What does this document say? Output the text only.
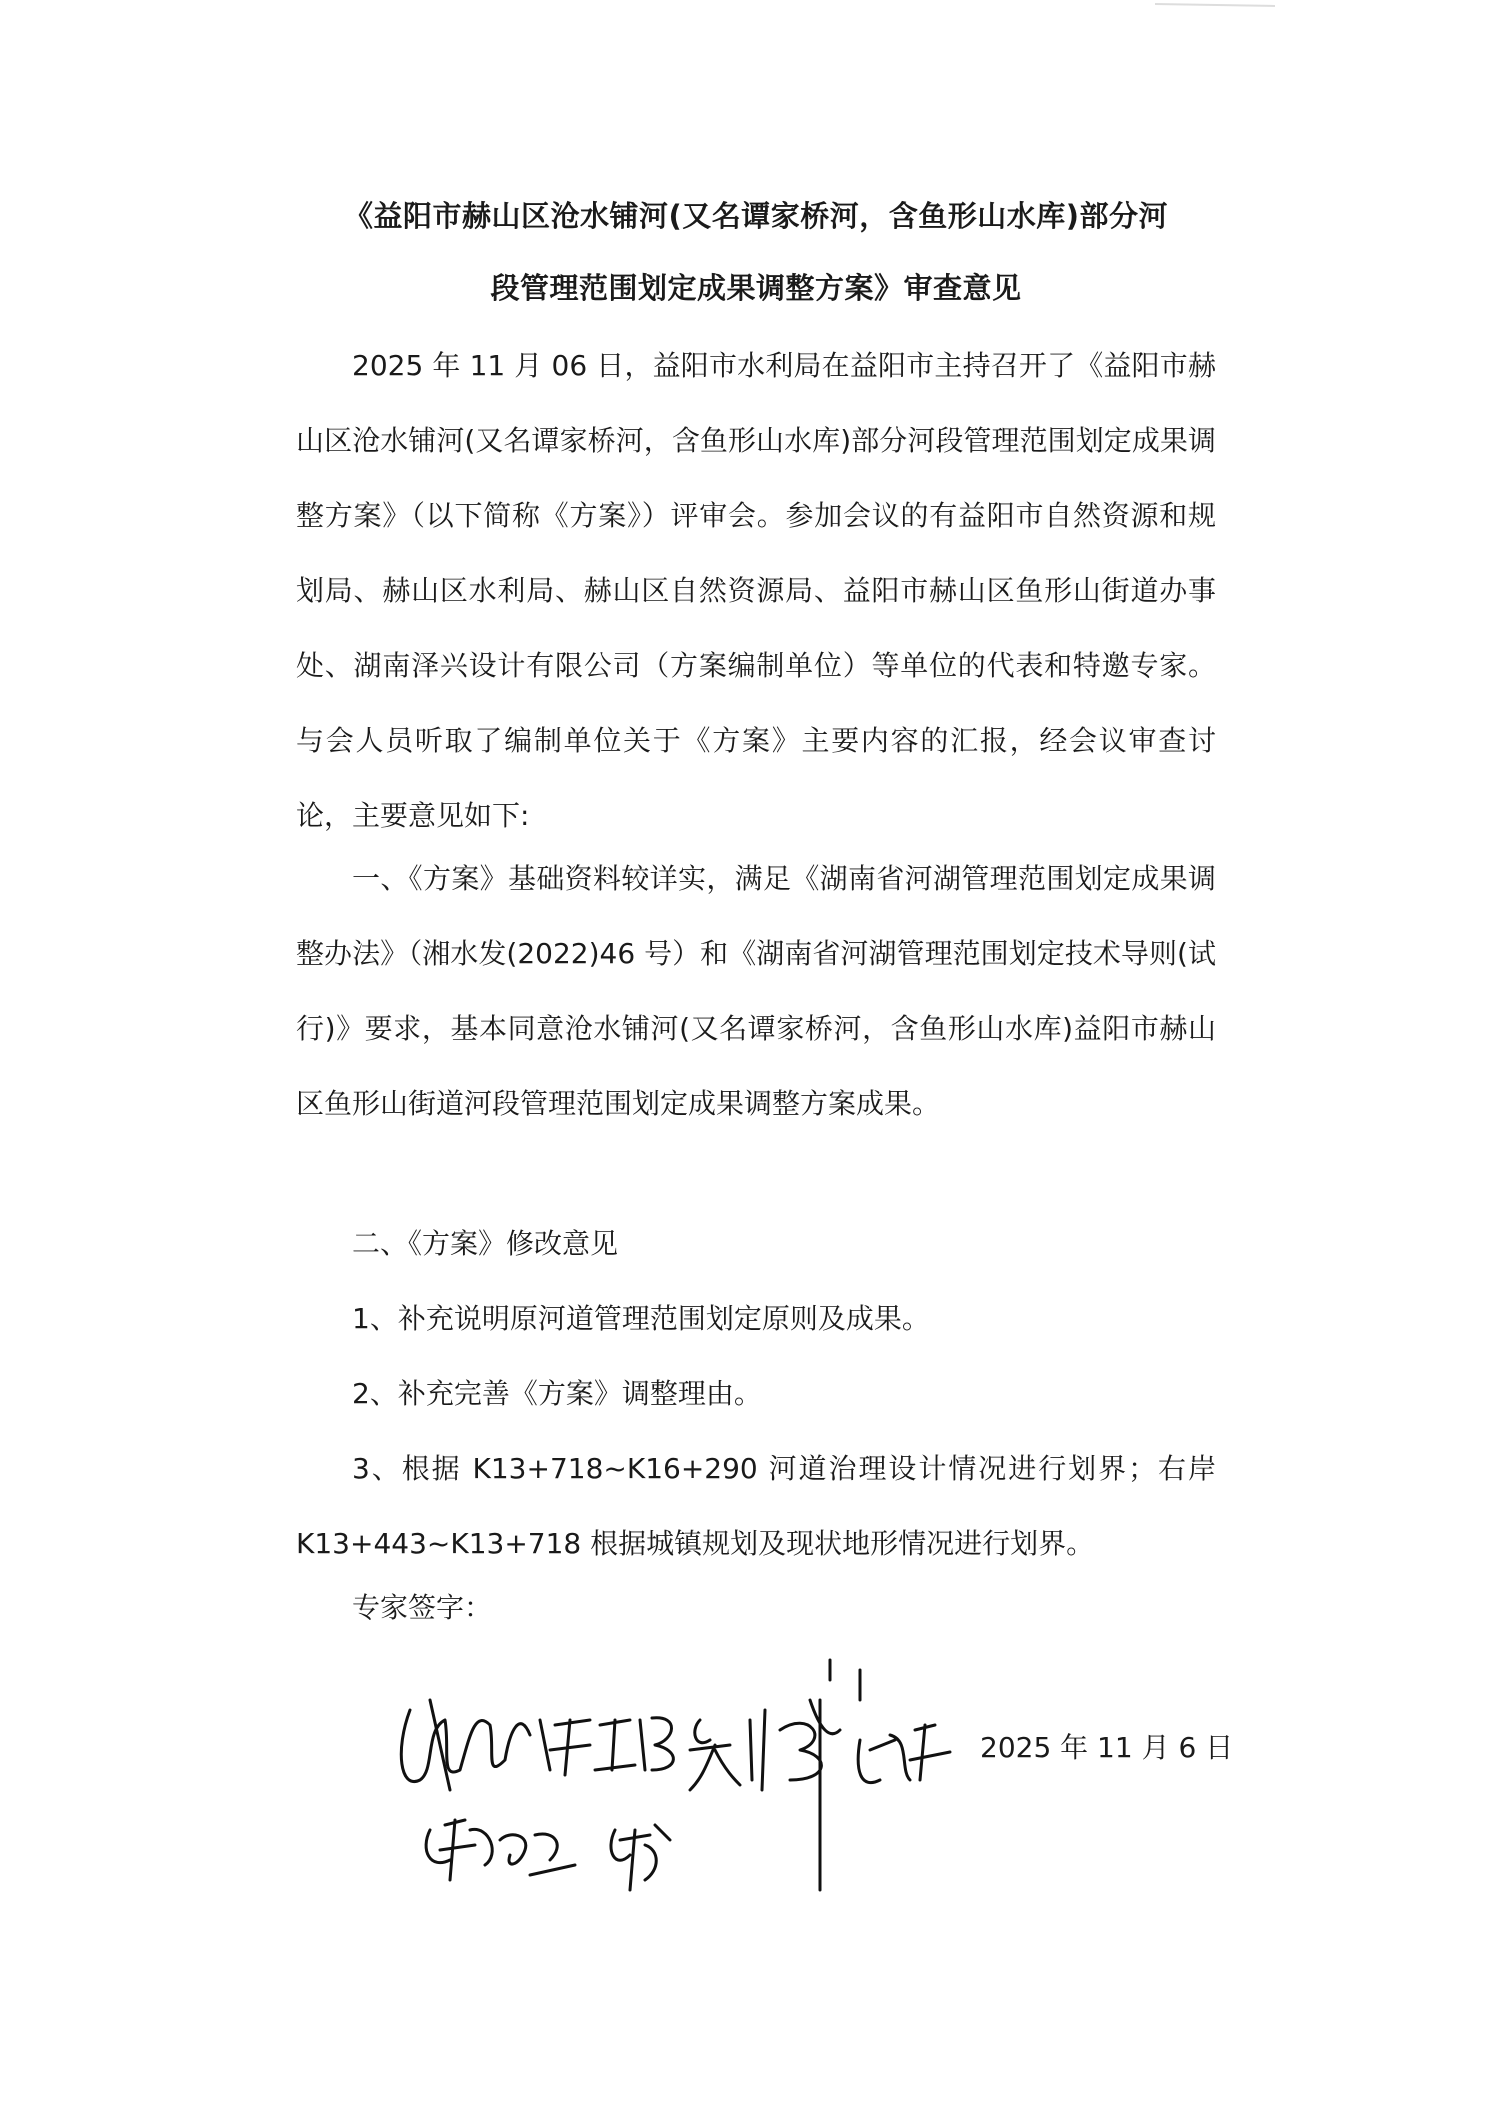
《益阳市赫山区沧水铺河(又名谭家桥河，含鱼形山水库)部分河
段管理范围划定成果调整方案》审查意见

2025 年 11 月 06 日，益阳市水利局在益阳市主持召开了《益阳市赫山区沧水铺河(又名谭家桥河，含鱼形山水库)部分河段管理范围划定成果调整方案》（以下简称《方案》）评审会。参加会议的有益阳市自然资源和规划局、赫山区水利局、赫山区自然资源局、益阳市赫山区鱼形山街道办事处、湖南泽兴设计有限公司（方案编制单位）等单位的代表和特邀专家。与会人员听取了编制单位关于《方案》主要内容的汇报，经会议审查讨论，主要意见如下:

一、《方案》基础资料较详实，满足《湖南省河湖管理范围划定成果调整办法》（湘水发(2022)46 号）和《湖南省河湖管理范围划定技术导则(试行)》要求，基本同意沧水铺河(又名谭家桥河，含鱼形山水库)益阳市赫山区鱼形山街道河段管理范围划定成果调整方案成果。

二、《方案》修改意见

1、补充说明原河道管理范围划定原则及成果。

2、补充完善《方案》调整理由。

3、根据 K13+718~K16+290 河道治理设计情况进行划界；右岸 K13+443~K13+718 根据城镇规划及现状地形情况进行划界。

专家签字：

2025 年 11 月 6 日
